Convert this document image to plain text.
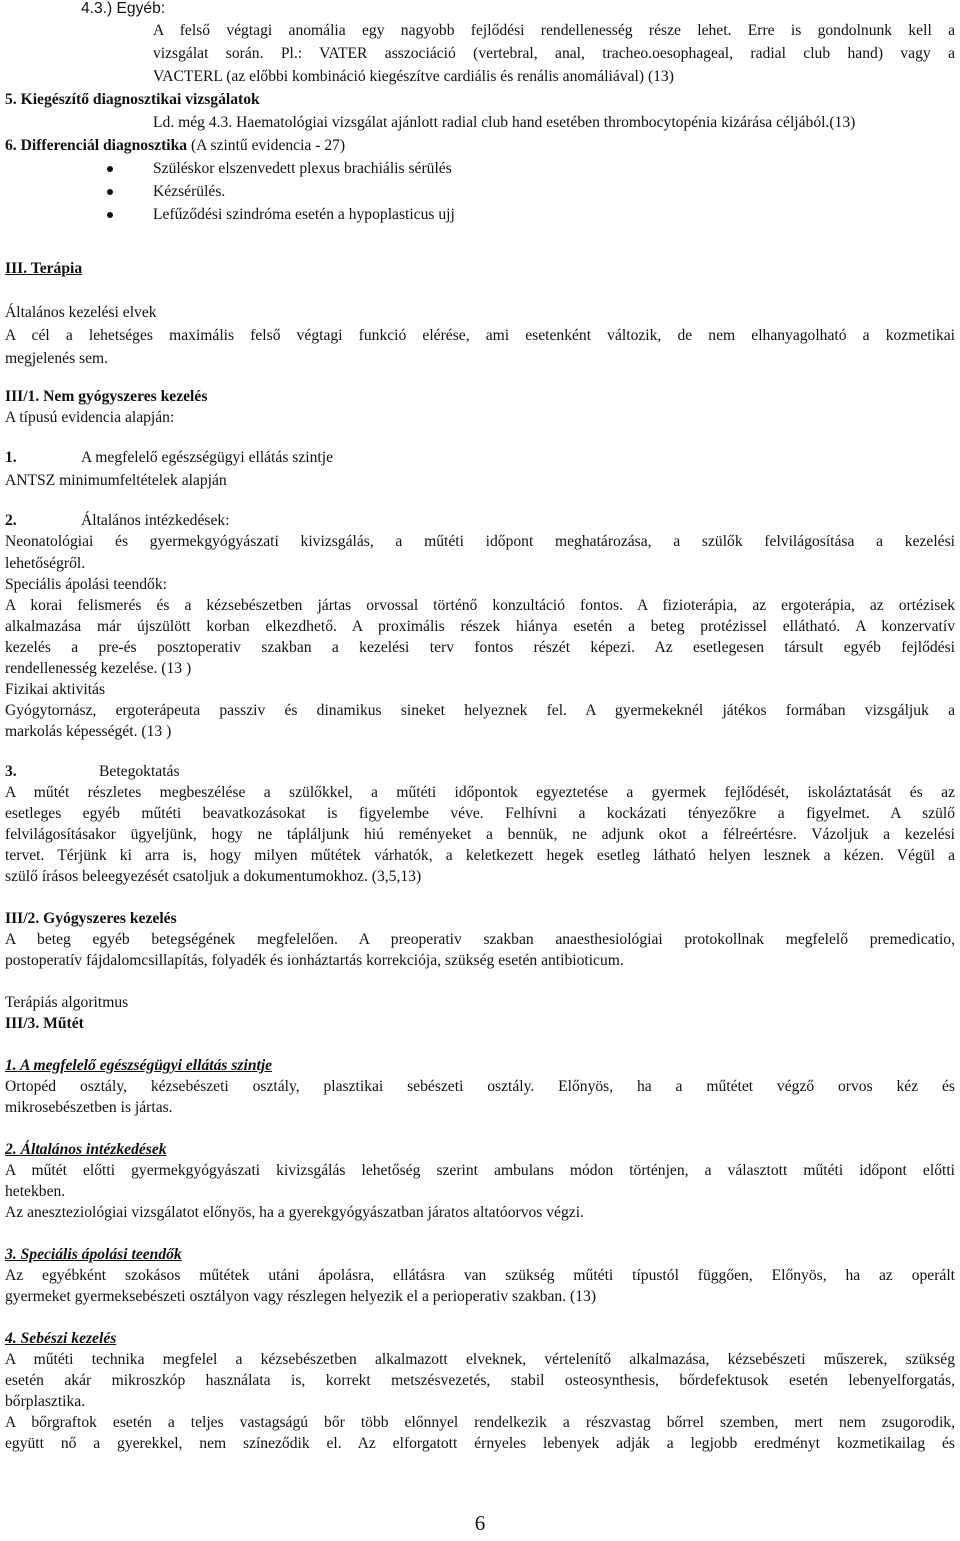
4.3.) Egyéb:
A felső végtagi anomália egy nagyobb fejlődési rendellenesség része lehet. Erre is gondolnunk kell a
vizsgálat során. Pl.: VATER asszociáció (vertebral, anal, tracheo.oesophageal, radial club hand) vagy a
VACTERL (az előbbi kombináció kiegészítve cardiális és renális anomáliával) (13)
5. Kiegészítő diagnosztikai vizsgálatok
Ld. még 4.3. Haematológiai vizsgálat ajánlott radial club hand esetében thrombocytopénia kizárása céljából.(13)
6. Differenciál diagnosztika (A szintű evidencia - 27)
Szüléskor elszenvedett plexus brachiális sérülés
Kézsérülés.
Lefűződési szindróma esetén a hypoplasticus ujj
III. Terápia
Általános kezelési elvek
A cél a lehetséges maximális felső végtagi funkció elérése, ami esetenként változik, de nem elhanyagolható a kozmetikai
megjelenés sem.
III/1. Nem gyógyszeres kezelés
A típusú evidencia alapján:
1.	A megfelelő egészségügyi ellátás szintje
ANTSZ minimumfeltételek alapján
2.	Általános intézkedések:
Neonatológiai és gyermekgyógyászati kivizsgálás, a műtéti időpont meghatározása, a szülők felvilágosítása a kezelési
lehetőségről.
Speciális ápolási teendők:
A korai felismerés és a kézsebészetben jártas orvossal történő konzultáció fontos. A fizioterápia, az ergoterápia, az ortézisek
alkalmazása már újszülött korban elkezdhető. A proximális részek hiánya esetén a beteg protézissel ellátható. A konzervatív
kezelés a pre-és posztoperativ szakban a kezelési terv fontos részét képezi. Az esetlegesen társult egyéb fejlődési
rendellenesség kezelése. (13 )
Fizikai aktivitás
Gyógytornász, ergoterápeuta passziv és dinamikus sineket helyeznek fel. A gyermekeknél játékos formában vizsgáljuk a
markolás képességét. (13 )
3.	Betegoktatás
A műtét részletes megbeszélése a szülőkkel, a műtéti időpontok egyeztetése a gyermek fejlődését, iskoláztatását és az
esetleges egyéb műtéti beavatkozásokat is figyelembe véve. Felhívni a kockázati tényezőkre a figyelmet. A szülő
felvilágosításakor ügyeljünk, hogy ne tápláljunk hiú reményeket a bennük, ne adjunk okot a félreértésre. Vázoljuk a kezelési
tervet. Térjünk ki arra is, hogy milyen műtétek várhatók, a keletkezett hegek esetleg látható helyen lesznek a kézen. Végül a
szülő írásos beleegyezését csatoljuk a dokumentumokhoz. (3,5,13)
III/2. Gyógyszeres kezelés
A beteg egyéb betegségének megfelelően. A preoperativ szakban anaesthesiológiai protokollnak megfelelő premedicatio,
postoperatív fájdalomcsillapítás, folyadék és ionháztartás korrekciója, szükség esetén antibioticum.
Terápiás algoritmus
III/3. Műtét
1. A megfelelő egészségügyi ellátás szintje
Ortopéd osztály, kézsebészeti osztály, plasztikai sebészeti osztály. Előnyös, ha a műtétet végző orvos kéz és
mikrosebészetben is jártas.
2. Általános intézkedések
A műtét előtti gyermekgyógyászati kivizsgálás lehetőség szerint ambulans módon történjen, a választott műtéti időpont előtti
hetekben.
Az aneszteziológiai vizsgálatot előnyös, ha a gyerekgyógyászatban járatos altatóorvos végzi.
3. Speciális ápolási teendők
Az egyébként szokásos műtétek utáni ápolásra, ellátásra van szükség műtéti típustól függően, Előnyös, ha az operált
gyermeket gyermeksebészeti osztályon vagy részlegen helyezik el a perioperativ szakban. (13)
4. Sebészi kezelés
A műtéti technika megfelel a kézsebészetben alkalmazott elveknek, vértelenítő alkalmazása, kézsebészeti műszerek, szükség
esetén akár mikroszkóp használata is, korrekt metszésvezetés, stabil osteosynthesis, bőrdefektusok esetén lebenyelforgatás,
bőrplasztika.
A bőrgraftok esetén a teljes vastagságú bőr több előnnyel rendelkezik a részvastag bőrrel szemben, mert nem zsugorodik,
együtt nő a gyerekkel, nem színeződik el. Az elforgatott érnyeles lebenyek adják a legjobb eredményt kozmetikailag és
6
